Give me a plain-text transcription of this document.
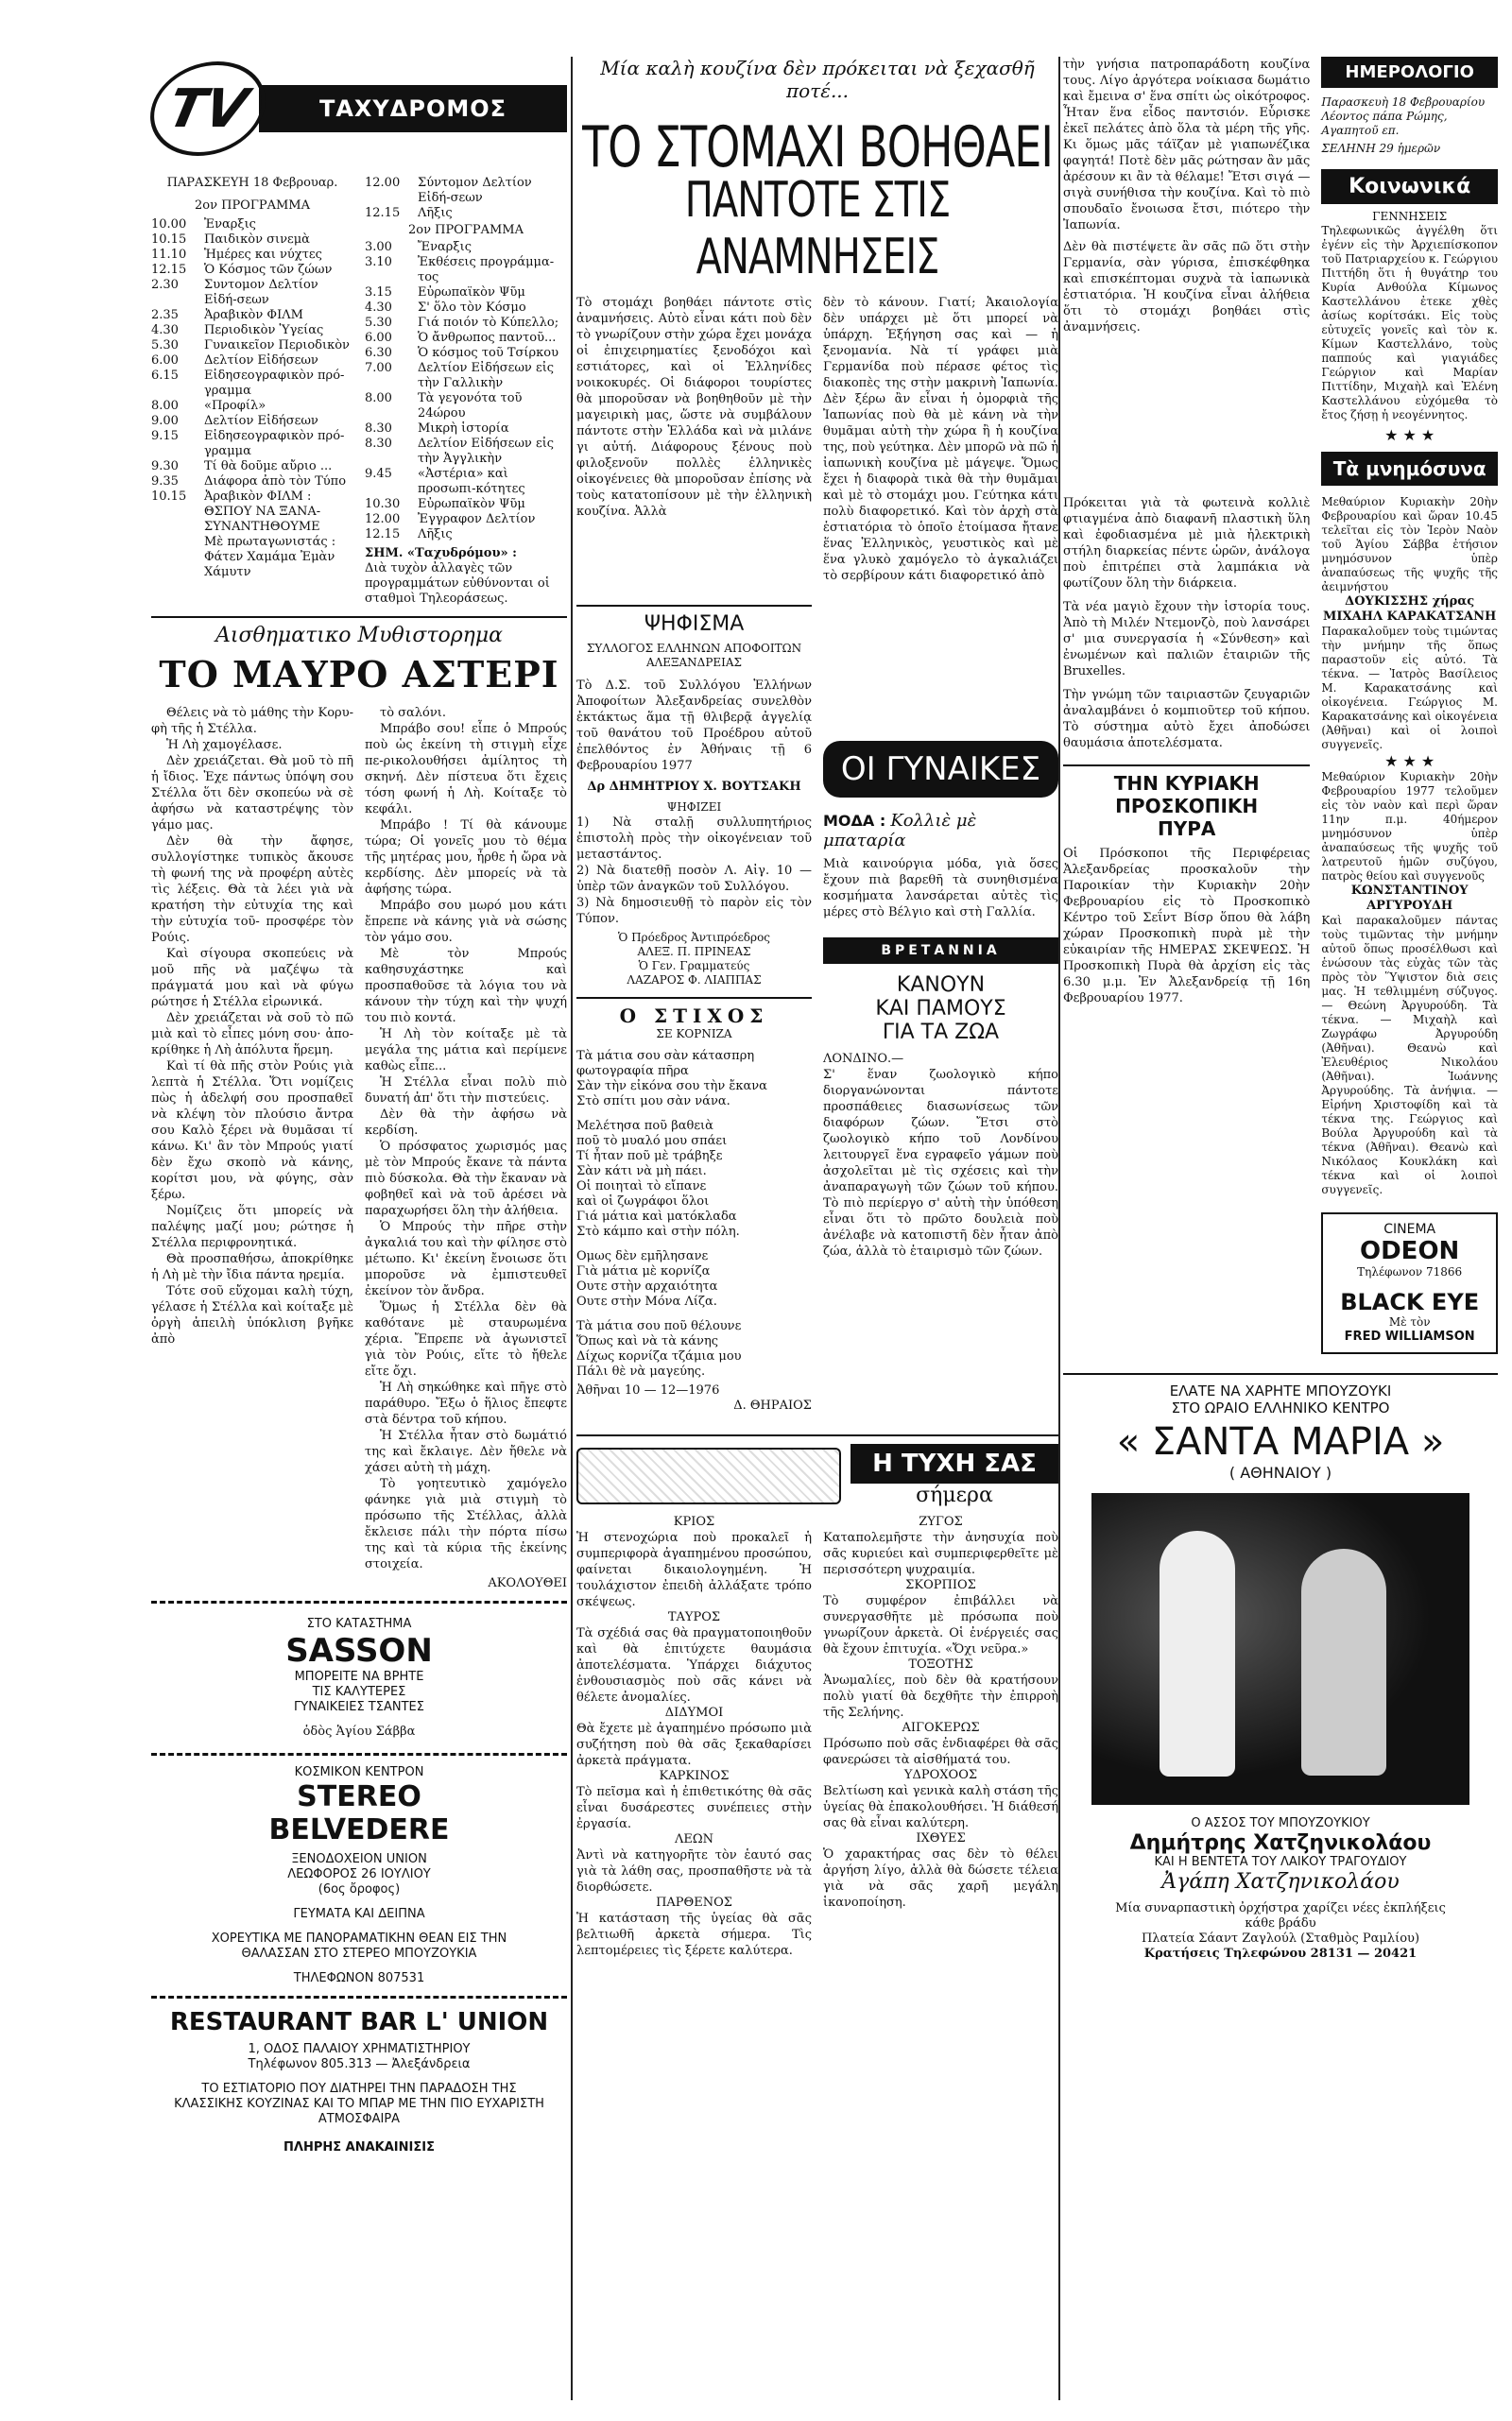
TV	ΤΑΧΥΔΡΟΜΟΣ
ΠΑΡΑΣΚΕΥΗ 18 Φεβρουαρ.
2ον ΠΡΟΓΡΑΜΜΑ
10.00	Ἐναρξις
10.15	Παιδικὸν σινεμὰ
11.10	Ἡμέρες και νύχτες
12.15	Ὁ Κόσμος τῶν ζώων
2.30	Συντομον Δελτίον Εἰδή-σεων
2.35	Ἀραβικὸν ΦΙΛΜ
4.30	Περιοδικὸν Ὑγείας
5.30	Γυναικεῖον Περιοδικὸν
6.00	Δελτίον Εἰδήσεων
6.15	Εἰδησεογραφικὸν πρό-γραμμα
8.00	«Προφίλ»
9.00	Δελτίον Εἰδήσεων
9.15	Εἰδησεογραφικὸν πρό-γραμμα
9.30	Τί θὰ δοῦμε αὔριο ...
9.35	Διάφορα ἀπὸ τὸν Τύπο
10.15	Ἀραβικὸν ΦΙΛΜ : ΘΣΠΟΥ ΝΑ ΞΑΝΑ-ΣΥΝΑΝΤΗΘΟΥΜΕ
Μὲ πρωταγωνιστάς : Φάτεν Χαμάμα Ἐμὰν Χάμυτν
12.00	Σύντομον Δελτίον Εἰδή-σεων
12.15	Λῆξις
2ον ΠΡΟΓΡΑΜΜΑ
3.00	Ἔναρξις
3.10	Ἐκθέσεις προγράμμα-τος
3.15	Εὐρωπαϊκὸν Ψῦμ
4.30	Σ' ὅλο τὸν Κόσμο
5.30	Γιά ποιόν τὸ Κύπελλο;
6.00	Ὁ ἄνθρωπος παντοῦ...
6.30	Ὁ κόσμος τοῦ Τσίρκου
7.00	Δελτίον Εἰδήσεων εἰς τὴν Γαλλικὴν
8.00	Τὰ γεγονότα τοῦ 24ώρου
8.30	Μικρὴ ἱστορία
8.30	Δελτίον Εἰδήσεων εἰς τὴν Ἀγγλικὴν
9.45	«Ἀστέρια» καὶ προσωπι-κότητες
10.30	Εὐρωπαϊκὸν Ψῦμ
12.00	Ἐγγραφον Δελτίον
12.15	Λῆξις
ΣΗΜ. «Ταχυδρόμου» :
Διὰ τυχὸν ἀλλαγὲς τῶν προγραμμάτων εὐθύνονται οἱ σταθμοὶ Τηλεοράσεως.
Αισθηματικο Μυθιστορημα
ΤΟ ΜΑΥΡΟ ΑΣΤΕΡΙ
Θέλεις νὰ τὸ μάθης τὴν Κορυ-φὴ τῆς ἡ Στέλλα.
Ἡ Λὴ χαμογέλασε.
Δὲν χρειάζεται. Θὰ μοῦ τὸ πῆ ἡ ἴδιος. Ἐχε πάντως ὑπόψη σου Στέλλα ὅτι δὲν σκοπεύω νὰ σὲ ἀφήσω νὰ καταστρέψης τὸν γάμο μας.
Δὲν θὰ τὴν ἄφησε, συλλογίστηκε τυπικὸς ἄκουσε τὴ φωνή της νὰ προφέρη αὐτὲς τὶς λέξεις. Θὰ τὰ λέει γιὰ νὰ κρατήση τὴν εὐτυχία της καὶ τὴν εὐτυχία τοῦ- προσφέρε τὸν Ρούις.
Καὶ σίγουρα σκοπεύεις νὰ μοῦ πῆς νὰ μαζέψω τὰ πράγματά μου καὶ νὰ φύγω ρώτησε ἡ Στέλλα εἰρωνικά.
Δὲν χρειάζεται νὰ σοῦ τὸ πῶ μιὰ καὶ τὸ εἶπες μόνη σου· ἀπο-κρίθηκε ἡ Λὴ ἀπόλυτα ἥρεμη.
Καὶ τί θὰ πῆς στὸν Ρούις γιὰ λεπτὰ ἡ Στέλλα. Ὅτι νομίζεις πὼς ἡ ἀδελφή σου προσπαθεῖ νὰ κλέψη τὸν πλούσιο ἄντρα σου Καλὸ ξέρει νὰ θυμᾶσαι τί κάνω. Κι' ἂν τὸν Μπρούς γιατί δὲν ἔχω σκοπὸ νὰ κάνης, κορίτσι μου, νὰ φύγης, σὰν ξέρω.
Νομίζεις ὅτι μπορείς νὰ παλέψης μαζί μου; ρώτησε ἡ Στέλλα περιφρονητικά.
Θὰ προσπαθήσω, ἀποκρίθηκε ἡ Λὴ μὲ τὴν ἴδια πάντα ηρεμία.
Τότε σοῦ εὔχομαι καλὴ τύχη, γέλασε ἡ Στέλλα καὶ κοίταξε μὲ ὀργὴ ἀπειλὴ ὑπόκλιση βγῆκε ἀπὸ
τὸ σαλόνι.
Μπράβο σου! εἶπε ὁ Μπρούς ποὺ ὡς ἐκείνη τὴ στιγμὴ εἶχε πε-ρικολουθήσει ἀμίλητος τὴ σκηνή. Δὲν πίστευα ὅτι ἔχεις τόση φωνή ἡ Λὴ. Κοίταξε τὸ κεφάλι.
Μπράβο ! Τί θὰ κάνουμε τώρα; Οἱ γονεῖς μου τὸ θέμα τῆς μητέρας μου, ἦρθε ἡ ὥρα νὰ κερδίσης. Δὲν μπορείς νὰ τὰ ἀφήσης τώρα.
Μπράβο σου μωρό μου κάτι ἔπρεπε νὰ κάνης γιὰ νὰ σώσης τὸν γάμο σου.
Μὲ τὸν Μπρούς καθησυχάστηκε καὶ προσπαθοῦσε τὰ λόγια του νὰ κάνουν τὴν τύχη καὶ τὴν ψυχή του πιὸ κοντά.
Ἡ Λὴ τὸν κοίταξε μὲ τὰ μεγάλα της μάτια καὶ περίμενε καθὼς εἶπε...
Ἡ Στέλλα εἶναι πολὺ πιὸ δυνατή ἀπ' ὅτι τὴν πιστεύεις.
Δὲν θὰ τὴν ἀφήσω νὰ κερδίση.
Ὁ πρόσφατος χωρισμός μας μὲ τὸν Μπρούς ἔκανε τὰ πάντα πιὸ δύσκολα. Θὰ τὴν ἔκαναν νὰ φοβηθεῖ καὶ νὰ τοῦ ἀρέσει νὰ παραχωρήσει ὅλη τὴν ἀλήθεια.
Ὁ Μπρούς τὴν πῆρε στὴν ἀγκαλιά του καὶ τὴν φίλησε στὸ μέτωπο. Κι' ἐκείνη ἔνοιωσε ὅτι μποροῦσε νὰ ἐμπιστευθεῖ ἐκείνον τὸν ἄνδρα.
Ὅμως ἡ Στέλλα δὲν θὰ καθότανε μὲ σταυρωμένα χέρια. Ἔπρεπε νὰ ἀγωνιστεῖ γιὰ τὸν Ρούις, εἴτε τὸ ἤθελε εἴτε ὄχι.
Ἡ Λὴ σηκώθηκε καὶ πῆγε στὸ παράθυρο. Ἔξω ὁ ἥλιος ἔπεφτε στὰ δέντρα τοῦ κήπου.
Ἡ Στέλλα ἦταν στὸ δωμάτιό της καὶ ἔκλαιγε. Δὲν ἤθελε νὰ χάσει αὐτὴ τὴ μάχη.
Τὸ γοητευτικὸ χαμόγελο φάνηκε γιὰ μιὰ στιγμὴ τὸ πρόσωπο τῆς Στέλλας, ἀλλὰ ἔκλεισε πάλι τὴν πόρτα πίσω της καὶ τὰ κύρια τῆς ἐκείνης στοιχεία.
ΑΚΟΛΟΥΘΕΙ
ΣΤΟ ΚΑΤΑΣΤΗΜΑ
SASSON
ΜΠΟΡΕΙΤΕ ΝΑ ΒΡΗΤΕ
ΤΙΣ ΚΑΛΥΤΕΡΕΣ
ΓΥΝΑΙΚΕΙΕΣ ΤΣΑΝΤΕΣ
ὁδὸς Ἁγίου Σάββα
ΚΟΣΜΙΚΟΝ ΚΕΝΤΡΟΝ
STEREO
BELVEDERE
ΞΕΝΟΔΟΧΕΙΟΝ UNION
ΛΕΩΦΟΡΟΣ 26 ΙΟΥΛΙΟΥ
(6ος ὄροφος)
ΓΕΥΜΑΤΑ ΚΑΙ ΔΕΙΠΝΑ
ΧΟΡΕΥΤΙΚΑ ΜΕ ΠΑΝΟΡΑΜΑΤΙΚΗΝ ΘΕΑΝ ΕΙΣ ΤΗΝ ΘΑΛΑΣΣΑΝ ΣΤΟ ΣΤΕΡΕΟ ΜΠΟΥΖΟΥΚΙΑ
ΤΗΛΕΦΩΝΟΝ 807531
RESTAURANT BAR L' UNION
1, ΟΔΟΣ ΠΑΛΑΙΟΥ ΧΡΗΜΑΤΙΣΤΗΡΙΟΥ
Τηλέφωνον 805.313 — Ἀλεξάνδρεια
ΤΟ ΕΣΤΙΑΤΟΡΙΟ ΠΟΥ ΔΙΑΤΗΡΕΙ ΤΗΝ ΠΑΡΑΔΟΣΗ ΤΗΣ ΚΛΑΣΣΙΚΗΣ ΚΟΥΖΙΝΑΣ ΚΑΙ ΤΟ ΜΠΑΡ ΜΕ ΤΗΝ ΠΙΟ ΕΥΧΑΡΙΣΤΗ ΑΤΜΟΣΦΑΙΡΑ
ΠΛΗΡΗΣ ΑΝΑΚΑΙΝΙΣΙΣ
Μία καλὴ κουζίνα δὲν πρόκειται νὰ ξεχασθῆ ποτέ...
ΤΟ ΣΤΟΜΑΧΙ ΒΟΗΘΑΕΙ
ΠΑΝΤΟΤΕ ΣΤΙΣ ΑΝΑΜΝΗΣΕΙΣ
Τὸ στομάχι βοηθάει πάντοτε στὶς ἀναμνήσεις. Αὐτὸ εἶναι κάτι ποὺ δὲν τὸ γνωρίζουν στὴν χώρα ἔχει μονάχα οἱ ἐπιχειρηματίες ξενοδόχοι καὶ εστιάτορες, καὶ οἱ Ἑλληνίδες νοικοκυρές. Οἱ διάφοροι τουρίστες θὰ μποροῦσαν νὰ βοηθηθοῦν μὲ τὴν μαγειρικὴ μας, ὥστε νὰ συμβάλουν πάντοτε στὴν Ἑλλάδα καὶ νὰ μιλάνε γι αὐτή. Διάφορους ξένους ποὺ φιλοξενοῦν πολλὲς ἑλληνικὲς οἰκογένειες θὰ μποροῦσαν ἐπίσης νὰ τοὺς κατατοπίσουν μὲ τὴν ἑλληνικὴ κουζίνα. Ἀλλὰ
δὲν τὸ κάνουν. Γιατί; Ἀκαιολογία δὲν υπάρχει μὲ ὅτι μπορεί νὰ ὑπάρχη. Ἐξήγηση σας καὶ — ἡ ξενομανία. Νὰ τί γράφει μιὰ Γερμανίδα ποὺ πέρασε φέτος τὶς διακοπὲς της στὴν μακρινὴ Ἰαπωνία. Δὲν ξέρω ἂν εἶναι ἡ ὀμορφιὰ τῆς Ἰαπωνίας ποὺ θὰ μὲ κάνη νὰ τὴν θυμᾶμαι αὐτὴ τὴν χώρα ἢ ἡ κουζίνα της, ποὺ γεύτηκα. Δὲν μπορῶ νὰ πῶ ἡ ἰαπωνικὴ κουζίνα μὲ μάγεψε. Ὅμως ἔχει ἡ διαφορὰ τικὰ θὰ τὴν θυμᾶμαι καὶ μὲ τὸ στομάχι μου. Γεύτηκα κάτι πολὺ διαφορετικό. Καὶ τὸν ἀρχὴ στὰ ἑστιατόρια τὸ ὁποῖο ἑτοίμασα ἤτανε ἕνας Ἑλληνικὸς, γευστικὸς καὶ μὲ ἕνα γλυκὸ χαμόγελο τὸ ἀγκαλιάζει τὸ σερβίρουν κάτι διαφορετικό ἀπὸ
ΨΗΦΙΣΜΑ
ΣΥΛΛΟΓΟΣ ΕΛΛΗΝΩΝ ΑΠΟΦΟΙΤΩΝ ΑΛΕΞΑΝΔΡΕΙΑΣ
Τὸ Δ.Σ. τοῦ Συλλόγου Ἑλλήνων Ἀποφοίτων Ἀλεξανδρείας συνελθὸν ἐκτάκτως ἅμα τῇ θλιβερᾷ ἀγγελίᾳ τοῦ θανάτου τοῦ Προέδρου αὐτοῦ ἐπελθόντος ἐν Ἀθήναις τῇ 6 Φεβρουαρίου 1977
Δρ ΔΗΜΗΤΡΙΟΥ Χ. ΒΟΥΤΣΑΚΗ
ΨΗΦΙΖΕΙ
1) Νὰ σταλῇ συλλυπητήριος ἐπιστολὴ πρὸς τὴν οἰκογένειαν τοῦ μεταστάντος.
2) Νὰ διατεθῇ ποσὸν Λ. Αἰγ. 10 — ὑπὲρ τῶν ἀναγκῶν τοῦ Συλλόγου.
3) Νὰ δημοσιευθῇ τὸ παρὸν εἰς τὸν Τύπον.
Ὁ Πρόεδρος Ἀντιπρόεδρος
ΑΛΕΞ. Π. ΠΡΙΝΕΑΣ
Ὁ Γεν. Γραμματεύς
ΛΑΖΑΡΟΣ Φ. ΛΙΑΠΠΑΣ
Ο ΣΤΙΧΟΣ
ΣΕ ΚΟΡΝΙΖΑ
Τὰ μάτια σου σὰν κάτασπρη
φωτογραφία πῆρα
Σὰν τὴν εἰκόνα σου τὴν ἔκανα
Στὸ σπίτι μου σὰν νάνα.
Μελέτησα ποῦ βαθειὰ
ποῦ τὸ μυαλό μου σπάει
Τί ἦταν ποῦ μὲ τράβηξε
Σὰν κάτι νὰ μὴ πάει.
Οἱ ποιηταὶ τὸ εἴπανε
καὶ οἱ ζωγράφοι ὅλοι
Γιά μάτια καὶ ματόκλαδα
Στὸ κάμπο καὶ στὴν πόλη.
Ομως δὲν εμῆλησανε
Γιὰ μάτια μὲ κορνίζα
Ουτε στὴν αρχαιότητα
Ουτε στὴν Μόνα Λίζα.
Τὰ μάτια σου ποῦ θέλουνε
Ὅπως καὶ νὰ τὰ κάνης
Δίχως κορνίζα τζάμια μου
Πάλι θὲ νὰ μαγεύης.
Ἀθῆναι 10 — 12—1976
Δ. ΘΗΡΑΙΟΣ
ΟΙ ΓΥΝΑΙΚΕΣ
ΜΟΔΑ : Κολλιὲ μὲ μπαταρία
Μιὰ καινούργια μόδα, γιὰ ὅσες ἔχουν πιὰ βαρεθῆ τὰ συνηθισμένα κοσμήματα λανσάρεται αὐτὲς τὶς μέρες στὸ Βέλγιο καὶ στὴ Γαλλία.
ΒΡΕΤΑΝΝΙΑ
ΚΑΝΟΥΝ
ΚΑΙ ΠΑΜΟΥΣ
ΓΙΑ ΤΑ ΖΩΑ
ΛΟΝΔΙΝΟ.—
Σ' ἕναν ζωολογικὸ κήπο διοργανώνονται πάντοτε προσπάθειες διασωνίσεως τῶν διαφόρων ζώων. Ἔτσι στὸ ζωολογικὸ κήπο τοῦ Λονδίνου λειτουργεῖ ἕνα εγραφεῖο γάμων ποὺ ἀσχολεῖται μὲ τὶς σχέσεις καὶ τὴν ἀναπαραγωγὴ τῶν ζώων τοῦ κήπου. Τὸ πιὸ περίεργο σ' αὐτὴ τὴν ὑπόθεση εἶναι ὅτι τὸ πρῶτο δουλειὰ ποὺ ἀνέλαβε νὰ κατοπιστῆ δὲν ἦταν ἀπὸ ζώα, ἀλλὰ τὸ ἑταιρισμὸ τῶν ζώων.
Η ΤΥΧΗ ΣΑΣ
σήμερα
ΚΡΙΟΣ
Ἡ στενοχώρια ποὺ προκαλεῖ ἡ συμπεριφορὰ ἀγαπημένου προσώπου, φαίνεται δικαιολογημένη. Ἡ τουλάχιστον ἐπειδὴ ἀλλάξατε τρόπο σκέψεως.
ΤΑΥΡΟΣ
Τὰ σχέδιά σας θὰ πραγματοποιηθοῦν καὶ θὰ ἐπιτύχετε θαυμάσια ἀποτελέσματα. Ὑπάρχει διάχυτος ἐνθουσιασμὸς ποὺ σᾶς κάνει νὰ θέλετε ἀνομαλίες.
ΔΙΔΥΜΟΙ
Θὰ ἔχετε μὲ ἀγαπημένο πρόσωπο μιὰ συζήτηση ποὺ θὰ σᾶς ξεκαθαρίσει ἀρκετὰ πράγματα.
ΚΑΡΚΙΝΟΣ
Τὸ πεῖσμα καὶ ἡ ἐπιθετικότης θὰ σᾶς εἶναι δυσάρεστες συνέπειες στὴν ἐργασία.
ΛΕΩΝ
Ἀντὶ νὰ κατηγορῆτε τὸν ἑαυτό σας γιὰ τὰ λάθη σας, προσπαθῆστε νὰ τὰ διορθώσετε.
ΠΑΡΘΕΝΟΣ
Ἡ κατάσταση τῆς ὑγείας θὰ σᾶς βελτιωθῆ ἀρκετὰ σήμερα. Τὶς λεπτομέρειες τὶς ξέρετε καλύτερα.
ΖΥΓΟΣ
Καταπολεμῆστε τὴν ἀνησυχία ποὺ σᾶς κυριεύει καὶ συμπεριφερθεῖτε μὲ περισσότερη ψυχραιμία.
ΣΚΟΡΠΙΟΣ
Τὸ συμφέρον ἐπιβάλλει νὰ συνεργασθῆτε μὲ πρόσωπα ποὺ γνωρίζουν ἀρκετὰ. Οἱ ἐνέργειές σας θὰ ἔχουν ἐπιτυχία. «Ὄχι νεῦρα.»
ΤΟΞΟΤΗΣ
Ἀνωμαλίες, ποὺ δὲν θὰ κρατήσουν πολὺ γιατί θὰ δεχθῆτε τὴν ἐπιρροὴ τῆς Σελήνης.
ΑΙΓΟΚΕΡΩΣ
Πρόσωπο ποὺ σᾶς ἐνδιαφέρει θὰ σᾶς φανερώσει τὰ αἰσθήματά του.
ΥΔΡΟΧΟΟΣ
Βελτίωση καὶ γενικὰ καλὴ στάση τῆς ὑγείας θὰ ἐπακολουθήσει. Ἡ διάθεσή σας θὰ εἶναι καλύτερη.
ΙΧΘΥΕΣ
Ὁ χαρακτήρας σας δὲν τὸ θέλει ἀργήση λίγο, ἀλλὰ θὰ δώσετε τέλεια γιὰ νὰ σᾶς χαρῆ μεγάλη ἱκανοποίηση.
τὴν γνήσια πατροπαράδοτη κουζίνα τους. Λίγο ἀργότερα νοίκιασα δωμάτιο καὶ ἔμεινα σ' ἕνα σπίτι ὡς οἰκότροφος. Ἦταν ἕνα εἶδος παντσιόν. Εὗρισκε ἐκεῖ πελάτες ἀπὸ ὅλα τὰ μέρη τῆς γῆς. Κι ὅμως μᾶς τάϊζαν μὲ γιαπωνέζικα φαγητά! Ποτὲ δὲν μᾶς ρώτησαν ἂν μᾶς ἀρέσουν κι ἂν τὰ θέλαμε! Ἔτσι σιγά — σιγὰ συνήθισα τὴν κουζίνα. Καὶ τὸ πιὸ σπουδαῖο ἔνοιωσα ἔτσι, πιότερο τὴν Ἰαπωνία.
Δὲν θὰ πιστέψετε ἂν σᾶς πῶ ὅτι στὴν Γερμανία, σὰν γύρισα, ἐπισκέφθηκα καὶ επισκέπτομαι συχνὰ τὰ ἰαπωνικὰ ἑστιατόρια. Ἡ κουζίνα εἶναι ἀλήθεια ὅτι τὸ στομάχι βοηθάει στὶς ἀναμνήσεις.
ΗΜΕΡΟΛΟΓΙΟ
Παρασκευὴ 18 Φεβρουαρίου
Λέοντος πάπα Ρώμης, Αγαπητοῦ επ.
ΣΕΛΗΝΗ 29 ἡμερῶν
Κοινωνικά
ΓΕΝΝΗΣΕΙΣ
Τηλεφωνικῶς ἀγγέλθη ὅτι ἐγένν εἰς τὴν Ἀρχιεπίσκοπον τοῦ Πατριαρχείου κ. Γεώργιου Πιττήδη ὅτι ἡ θυγάτηρ του Κυρία Ανθούλα Κίμωνος Καστελλάνου ἐτεκε χθὲς ἀσίως κορίτσάκι. Εἰς τοὺς εὐτυχεῖς γονεῖς καὶ τὸν κ. Κίμων Καστελλάνο, τοὺς παππούς καὶ γιαγιάδες Γεώργιον καὶ Μαρίαν Πιττίδην, Μιχαὴλ καὶ Ἐλένη Καστελλάνου εὐχόμεθα τὸ ἔτος ζήσῃ ἡ νεογέννητος.
★ ★ ★
Τὰ μνημόσυνα
Πρόκειται γιὰ τὰ φωτεινὰ κολλιὲ φτιαγμένα ἀπὸ διαφανῆ πλαστικὴ ὕλη καὶ ἐφοδιασμένα μὲ μιὰ ἠλεκτρικὴ στήλη διαρκείας πέντε ὡρῶν, ἀνάλογα ποὺ ἐπιτρέπει στὰ λαμπάκια νὰ φωτίζουν ὅλη τὴν διάρκεια.
Τὰ νέα μαγιὸ ἔχουν τὴν ἱστορία τους. Ἀπὸ τὴ Μιλέν Ντεμονζὸ, ποὺ λανσάρει σ' μια συνεργασία ἡ «Σύνθεση» καὶ ἐνωμένων καὶ παλιῶν ἐταιριῶν τῆς Bruxelles.
Τὴν γνώμη τῶν ταιριαστῶν ζευγαριῶν ἀναλαμβάνει ὁ κομπιοῦτερ τοῦ κήπου. Τὸ σύστημα αὐτὸ ἔχει ἀποδώσει θαυμάσια ἀποτελέσματα.
ΤΗΝ ΚΥΡΙΑΚΗ
ΠΡΟΣΚΟΠΙΚΗ
ΠΥΡΑ
Οἱ Πρόσκοποι τῆς Περιφέρειας Ἀλεξανδρείας προσκαλοῦν τὴν Παροικίαν τὴν Κυριακὴν 20ὴν Φεβρουαρίου εἰς τὸ Προσκοπικὸ Κέντρο τοῦ Σεΐντ Βίσρ ὅπου θὰ λάβη χώραν Προσκοπικὴ πυρὰ μὲ τὴν εὐκαιρίαν τῆς ΗΜΕΡΑΣ ΣΚΕΨΕΩΣ. Ἡ Προσκοπικὴ Πυρὰ θὰ ἀρχίση εἰς τὰς 6.30 μ.μ. Ἐν Ἀλεξανδρείᾳ τῇ 16η Φεβρουαρίου 1977.
Μεθαύριον Κυριακὴν 20ὴν Φεβρουαρίου καὶ ὥραν 10.45 τελεῖται εἰς τὸν Ἱερὸν Ναὸν τοῦ Ἁγίου Σάββα ἐτήσιον μνημόσυνον ὑπὲρ ἀναπαύσεως τῆς ψυχῆς τῆς ἀειμνήστου
ΔΟΥΚΙΣΣΗΣ χήρας ΜΙΧΑΗΛ ΚΑΡΑΚΑΤΣΑΝΗ
Παρακαλοῦμεν τοὺς τιμώντας τὴν μνήμην τῆς ὅπως παραστοῦν εἰς αὐτό. Τὰ τέκνα. — Ἰατρὸς Βασίλειος Μ. Καρακατσάνης καὶ οἰκογένεια. Γεώργιος Μ. Καρακατσάνης καὶ οἰκογένεια (Ἀθῆναι) καὶ οἱ λοιποὶ συγγενεῖς.
★ ★ ★
Μεθαύριον Κυριακὴν 20ὴν Φεβρουαρίου 1977 τελοῦμεν εἰς τὸν ναὸν καὶ περὶ ὥραν 11ην π.μ. 40ήμερον μνημόσυνον ὑπὲρ ἀναπαύσεως τῆς ψυχῆς τοῦ λατρευτοῦ ἡμῶν συζύγου, πατρὸς θείου καὶ συγγενοῦς
ΚΩΝΣΤΑΝΤΙΝΟΥ ΑΡΓΥΡΟΥΔΗ
Καὶ παρακαλοῦμεν πάντας τοὺς τιμῶντας τὴν μνήμην αὐτοῦ ὅπως προσέλθωσι καὶ ἑνώσουν τὰς εὐχὰς τῶν τὰς πρὸς τὸν Ὕψιστον διὰ σεις μας. Ἡ τεθλιμμένη σύζυγος. — Θεώνη Ἀργυρούδη. Τὰ τέκνα. — Μιχαὴλ καὶ Ζωγράφω Ἀργυρούδη (Ἀθῆναι). Θεανὼ καὶ Ἐλευθέριος Νικολάου (Ἀθῆναι). Ἰωάννης Ἀργυρούδης. Τὰ ἀνήψια. — Εἰρήνη Χριστοφίδη καὶ τὰ τέκνα της. Γεώργιος καὶ Βούλα Ἀργυρούδη καὶ τὰ τέκνα (Ἀθῆναι). Θεανὼ καὶ Νικόλαος Κουκλάκη καὶ τέκνα καὶ οἱ λοιποὶ συγγενεῖς.
CINEMA
ODEON
Τηλέφωνον 71866
BLACK EYE
Μὲ τὸν
FRED WILLIAMSON
ΕΛΑΤΕ ΝΑ ΧΑΡΗΤΕ ΜΠΟΥΖΟΥΚΙ
ΣΤΟ ΩΡΑΙΟ ΕΛΛΗΝΙΚΟ ΚΕΝΤΡΟ
« ΣΑΝΤΑ ΜΑΡΙΑ »
( ΑΘΗΝΑΙΟΥ )
Ο ΑΣΣΟΣ ΤΟΥ ΜΠΟΥΖΟΥΚΙΟΥ
Δημήτρης Χατζηνικολάου
ΚΑΙ Η ΒΕΝΤΕΤΑ ΤΟΥ ΛΑΙΚΟΥ ΤΡΑΓΟΥΔΙΟΥ
Ἀγάπη Χατζηνικολάου
Μία συναρπαστικὴ ὀρχήστρα χαρίζει νέες ἐκπλήξεις κάθε βράδυ
Πλατεία Σάαντ Ζαγλούλ (Σταθμὸς Ραμλίου)
Κρατήσεις Τηλεφώνου 28131 — 20421
